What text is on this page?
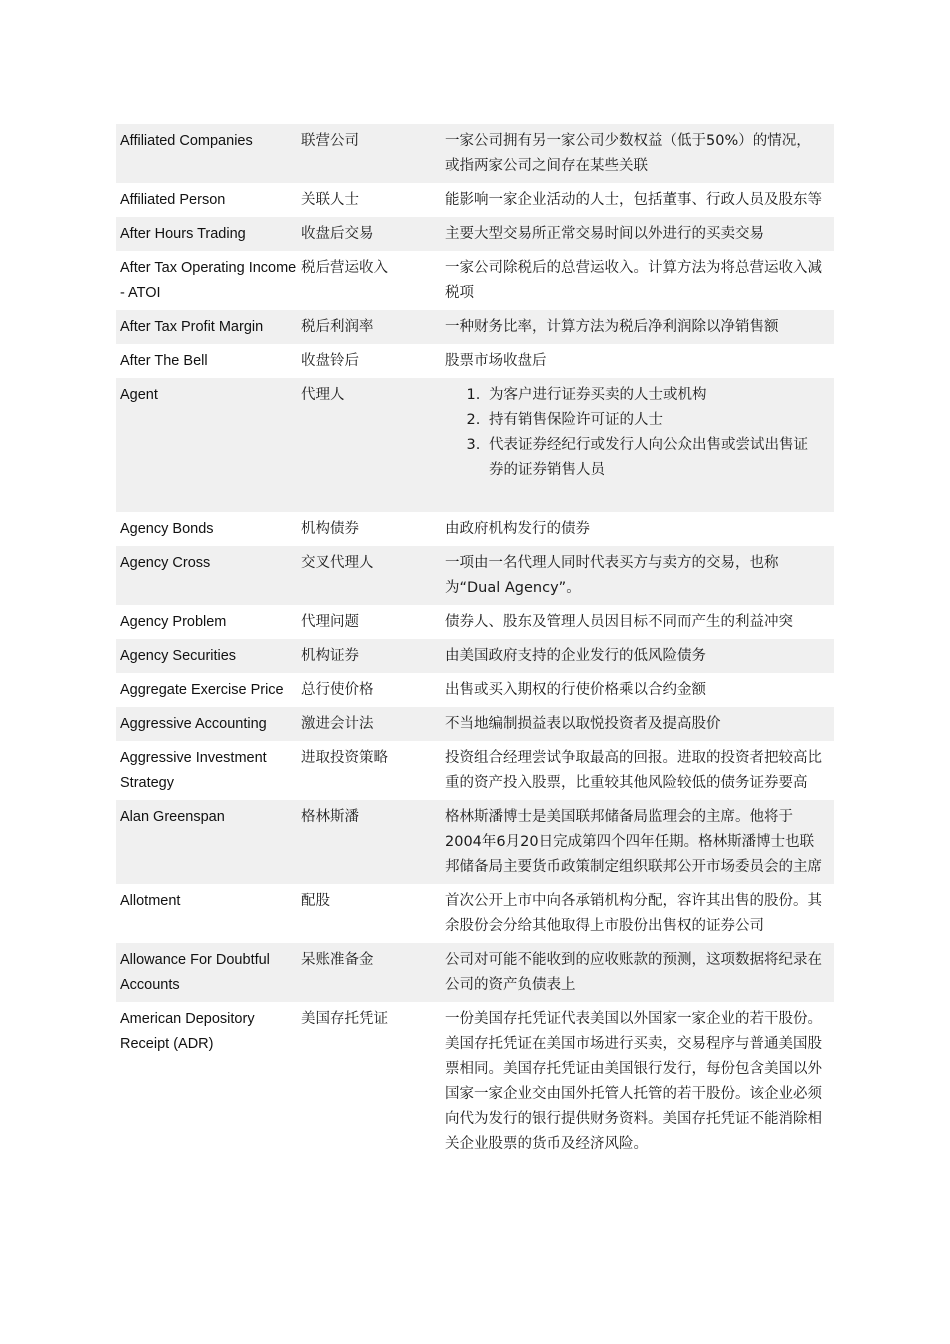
Affiliated Companies	联营公司	一家公司拥有另一家公司少数权益（低于50%）的情况，或指两家公司之间存在某些关联
Affiliated Person	关联人士	能影响一家企业活动的人士，包括董事、行政人员及股东等
After Hours Trading	收盘后交易	主要大型交易所正常交易时间以外进行的买卖交易
After Tax Operating Income - ATOI
税后营运收入	一家公司除税后的总营运收入。计算方法为将总营运收入减税项
After Tax Profit Margin	税后利润率	一种财务比率，计算方法为税后净利润除以净销售额
After The Bell	收盘铃后	股票市场收盘后
Agent	代理人
1.	为客户进行证券买卖的人士或机构
2. 持有销售保险许可证的人士
3. 代表证券经纪行或发行人向公众出售或尝试出售证券的证券销售人员
Agency Bonds	机构债券	由政府机构发行的债券
Agency Cross	交叉代理人	一项由一名代理人同时代表买方与卖方的交易，也称为“Dual Agency”。
Agency Problem	代理问题	债券人、股东及管理人员因目标不同而产生的利益冲突
Agency Securities	机构证券	由美国政府支持的企业发行的低风险债务
Aggregate Exercise Price	总行使价格	出售或买入期权的行使价格乘以合约金额
Aggressive Accounting	激进会计法	不当地编制损益表以取悦投资者及提高股价
Aggressive Investment Strategy
进取投资策略	投资组合经理尝试争取最高的回报。进取的投资者把较高比重的资产投入股票，比重较其他风险较低的债务证券要高
Alan Greenspan	格林斯潘	格林斯潘博士是美国联邦储备局监理会的主席。他将于2004年6月20日完成第四个四年任期。格林斯潘博士也联邦储备局主要货币政策制定组织联邦公开市场委员会的主席
Allotment	配股	首次公开上市中向各承销机构分配，容许其出售的股份。其余股份会分给其他取得上市股份出售权的证券公司
Allowance For Doubtful Accounts
呆账准备金	公司对可能不能收到的应收账款的预测，这项数据将纪录在公司的资产负债表上
American Depository Receipt (ADR)
美国存托凭证	一份美国存托凭证代表美国以外国家一家企业的若干股份。美国存托凭证在美国市场进行买卖，交易程序与普通美国股票相同。美国存托凭证由美国银行发行，每份包含美国以外国家一家企业交由国外托管人托管的若干股份。该企业必须向代为发行的银行提供财务资料。美国存托凭证不能消除相关企业股票的货币及经济风险。
